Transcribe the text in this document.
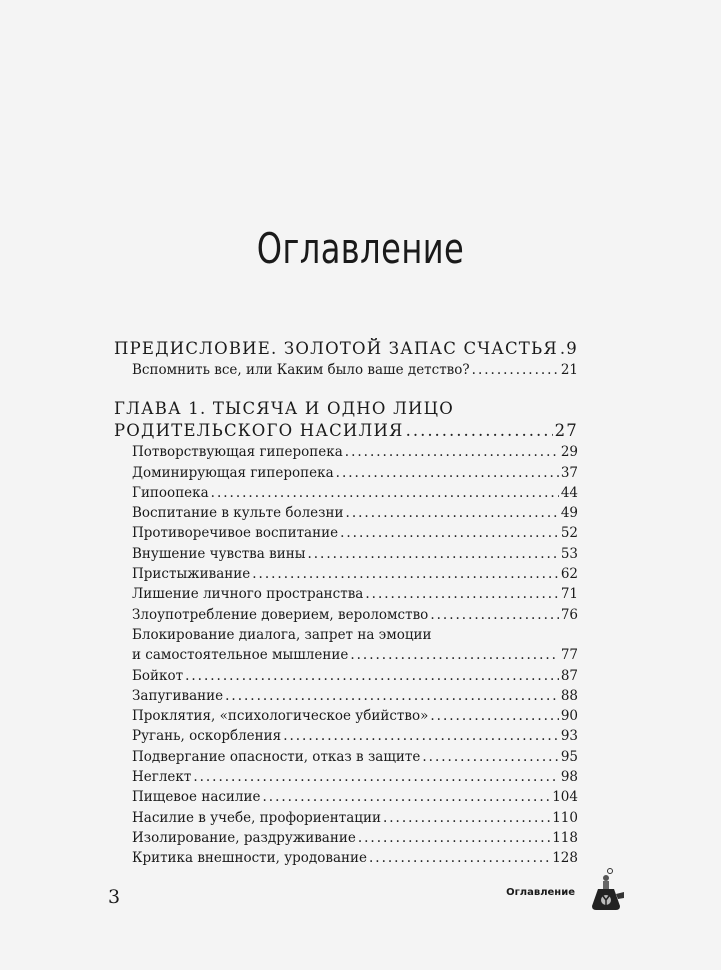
Оглавление
ПРЕДИСЛОВИЕ. ЗОЛОТОЙ ЗАПАС СЧАСТЬЯ ..... 9
Вспомнить все, или Каким было ваше детство? .....	21
ГЛАВА 1. ТЫСЯЧА И ОДНО ЛИЦО
РОДИТЕЛЬСКОГО НАСИЛИЯ .....	27
Потворствующая гиперопека .....	29
Доминирующая гиперопека .....	37
Гипоопека .....	44
Воспитание в культе болезни .....	49
Противоречивое воспитание .....	52
Внушение чувства вины .....	53
Пристыживание .....	62
Лишение личного пространства .....	71
Злоупотребление доверием, вероломство .....	76
Блокирование диалога, запрет на эмоции
и самостоятельное мышление .....	77
Бойкот .....	87
Запугивание .....	88
Проклятия, «психологическое убийство» .....	90
Ругань, оскорбления .....	93
Подвергание опасности, отказ в защите .....	95
Неглект .....	98
Пищевое насилие .....	104
Насилие в учебе, профориентации .....	110
Изолирование, раздруживание .....	118
Критика внешности, уродование .....	128
3	Оглавление
